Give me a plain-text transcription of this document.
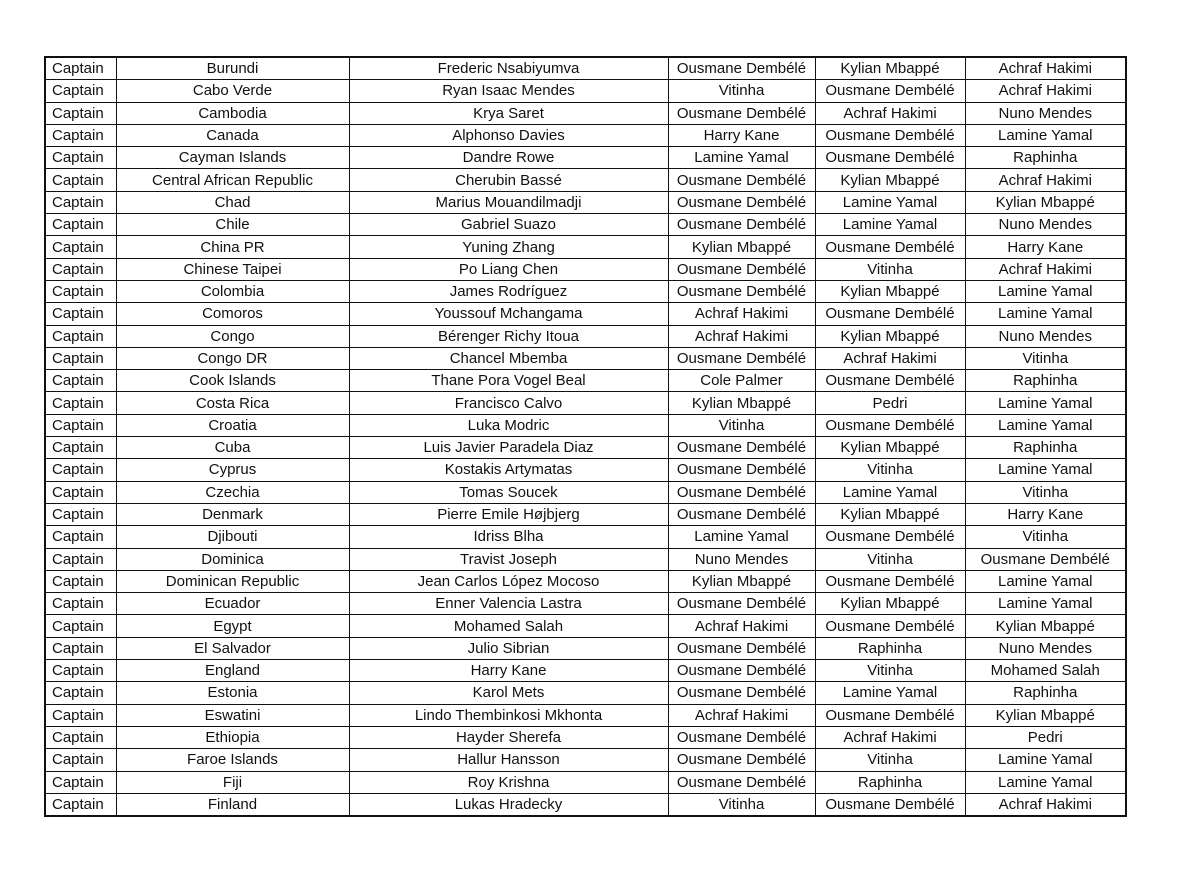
Captain	Burundi	Frederic Nsabiyumva	Ousmane Dembélé	Kylian Mbappé	Achraf Hakimi
Captain	Cabo Verde	Ryan Isaac Mendes	Vitinha	Ousmane Dembélé	Achraf Hakimi
Captain	Cambodia	Krya Saret	Ousmane Dembélé	Achraf Hakimi	Nuno Mendes
Captain	Canada	Alphonso Davies	Harry Kane	Ousmane Dembélé	Lamine Yamal
Captain	Cayman Islands	Dandre Rowe	Lamine Yamal	Ousmane Dembélé	Raphinha
Captain	Central African Republic	Cherubin Bassé	Ousmane Dembélé	Kylian Mbappé	Achraf Hakimi
Captain	Chad	Marius Mouandilmadji	Ousmane Dembélé	Lamine Yamal	Kylian Mbappé
Captain	Chile	Gabriel Suazo	Ousmane Dembélé	Lamine Yamal	Nuno Mendes
Captain	China PR	Yuning Zhang	Kylian Mbappé	Ousmane Dembélé	Harry Kane
Captain	Chinese Taipei	Po Liang Chen	Ousmane Dembélé	Vitinha	Achraf Hakimi
Captain	Colombia	James Rodríguez	Ousmane Dembélé	Kylian Mbappé	Lamine Yamal
Captain	Comoros	Youssouf Mchangama	Achraf Hakimi	Ousmane Dembélé	Lamine Yamal
Captain	Congo	Bérenger Richy Itoua	Achraf Hakimi	Kylian Mbappé	Nuno Mendes
Captain	Congo DR	Chancel Mbemba	Ousmane Dembélé	Achraf Hakimi	Vitinha
Captain	Cook Islands	Thane Pora Vogel Beal	Cole Palmer	Ousmane Dembélé	Raphinha
Captain	Costa Rica	Francisco Calvo	Kylian Mbappé	Pedri	Lamine Yamal
Captain	Croatia	Luka Modric	Vitinha	Ousmane Dembélé	Lamine Yamal
Captain	Cuba	Luis Javier Paradela Diaz	Ousmane Dembélé	Kylian Mbappé	Raphinha
Captain	Cyprus	Kostakis Artymatas	Ousmane Dembélé	Vitinha	Lamine Yamal
Captain	Czechia	Tomas Soucek	Ousmane Dembélé	Lamine Yamal	Vitinha
Captain	Denmark	Pierre Emile Højbjerg	Ousmane Dembélé	Kylian Mbappé	Harry Kane
Captain	Djibouti	Idriss Blha	Lamine Yamal	Ousmane Dembélé	Vitinha
Captain	Dominica	Travist Joseph	Nuno Mendes	Vitinha	Ousmane Dembélé
Captain	Dominican Republic	Jean Carlos López Mocoso	Kylian Mbappé	Ousmane Dembélé	Lamine Yamal
Captain	Ecuador	Enner Valencia Lastra	Ousmane Dembélé	Kylian Mbappé	Lamine Yamal
Captain	Egypt	Mohamed Salah	Achraf Hakimi	Ousmane Dembélé	Kylian Mbappé
Captain	El Salvador	Julio Sibrian	Ousmane Dembélé	Raphinha	Nuno Mendes
Captain	England	Harry Kane	Ousmane Dembélé	Vitinha	Mohamed Salah
Captain	Estonia	Karol Mets	Ousmane Dembélé	Lamine Yamal	Raphinha
Captain	Eswatini	Lindo Thembinkosi Mkhonta	Achraf Hakimi	Ousmane Dembélé	Kylian Mbappé
Captain	Ethiopia	Hayder Sherefa	Ousmane Dembélé	Achraf Hakimi	Pedri
Captain	Faroe Islands	Hallur Hansson	Ousmane Dembélé	Vitinha	Lamine Yamal
Captain	Fiji	Roy Krishna	Ousmane Dembélé	Raphinha	Lamine Yamal
Captain	Finland	Lukas Hradecky	Vitinha	Ousmane Dembélé	Achraf Hakimi
